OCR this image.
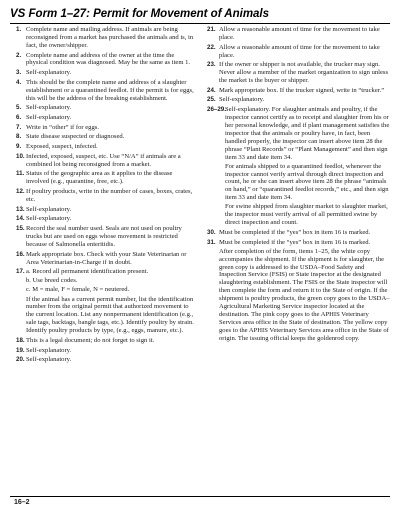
VS Form 1–27: Permit for Movement of Animals
1. Complete name and mailing address. If animals are being reconsigned from a market has purchased the animals and is, in fact, the owner/shipper.
2. Complete name and address of the owner at the time the physical condition was diagnosed. May be the same as item 1.
3. Self-explanatory.
4. This should be the complete name and address of a slaughter establishment or a quarantined feedlot. If the permit is for eggs, this will be the address of the breaking establishment.
5. Self-explanatory.
6. Self-explanatory.
7. Write in “other” if for eggs.
8. State disease suspected or diagnosed.
9. Exposed, suspect, infected.
10. Infected, exposed, suspect, etc. Use “N/A” if animals are a combined lot being reconsigned from a market.
11. Status of the geographic area as it applies to the disease involved (e.g., quarantine, free, etc.).
12. If poultry products, write in the number of cases, boxes, crates, etc.
13. Self-explanatory.
14. Self-explanatory.
15. Record the seal number used. Seals are not used on poultry trucks but are used on eggs whose movement is restricted because of Salmonella enteritidis.
16. Mark appropriate box. Check with your State Veterinarian or Area Veterinarian-in-Charge if in doubt.
17. a. Record all permanent identification present.
b. Use breed codes.
c. M = male, F = female, N = neutered.
If the animal has a current permit number, list the identification number from the original permit that authorized movement to the current location. List any nonpermanent identification (e.g., sale tags, backtags, bangle tags, etc.). Identify poultry by strain. Identify poultry products by type, (e.g., eggs, manure, etc.).
18. This is a legal document; do not forget to sign it.
19. Self-explanatory.
20. Self-explanatory.
21. Allow a reasonable amount of time for the movement to take place.
22. Allow a reasonable amount of time for the movement to take place.
23. If the owner or shipper is not available, the trucker may sign. Never allow a member of the market organization to sign unless the market is the buyer or shipper.
24. Mark appropriate box. If the trucker signed, write in “trucker.”
25. Self-explanatory.
26–29. Self-explanatory. For slaughter animals and poultry, if the inspector cannot certify as to receipt and slaughter from his or her personal knowledge, and if plant management satisfies the inspector that the animals or poultry have, in fact, been handled properly, the inspector can insert above item 28 the phrase “Plant Records” or “Plant Management” and then sign item 33 and date item 34.
For animals shipped to a quarantined feedlot, whenever the inspector cannot verify arrival through direct inspection and count, he or she can insert above item 28 the phrase “animals on hand,” or “quarantined feedlot records,” etc., and then sign item 33 and date item 34.
For swine shipped from slaughter market to slaughter market, the inspector must verify arrival of all permitted swine by direct inspection and count.
30. Must be completed if the “yes” box in item 16 is marked.
31. Must be completed if the “yes” box in item 16 is marked.
After completion of the form, items 1–25, the white copy accompanies the shipment. If the shipment is for slaughter, the green copy is addressed to the USDA–Food Safety and Inspection Service (FSIS) or State inspector at the designated slaughtering establishment. The FSIS or the State inspector will then complete the form and return it to the State of origin. If the shipment is poultry products, the green copy goes to the USDA–Agricultural Marketing Service inspector located at the destination. The pink copy goes to the APHIS Veterinary Services area office in the State of destination. The yellow copy goes to the APHIS Veterinary Services area office in the State of origin. The issuing official keeps the goldenrod copy.
16–2
